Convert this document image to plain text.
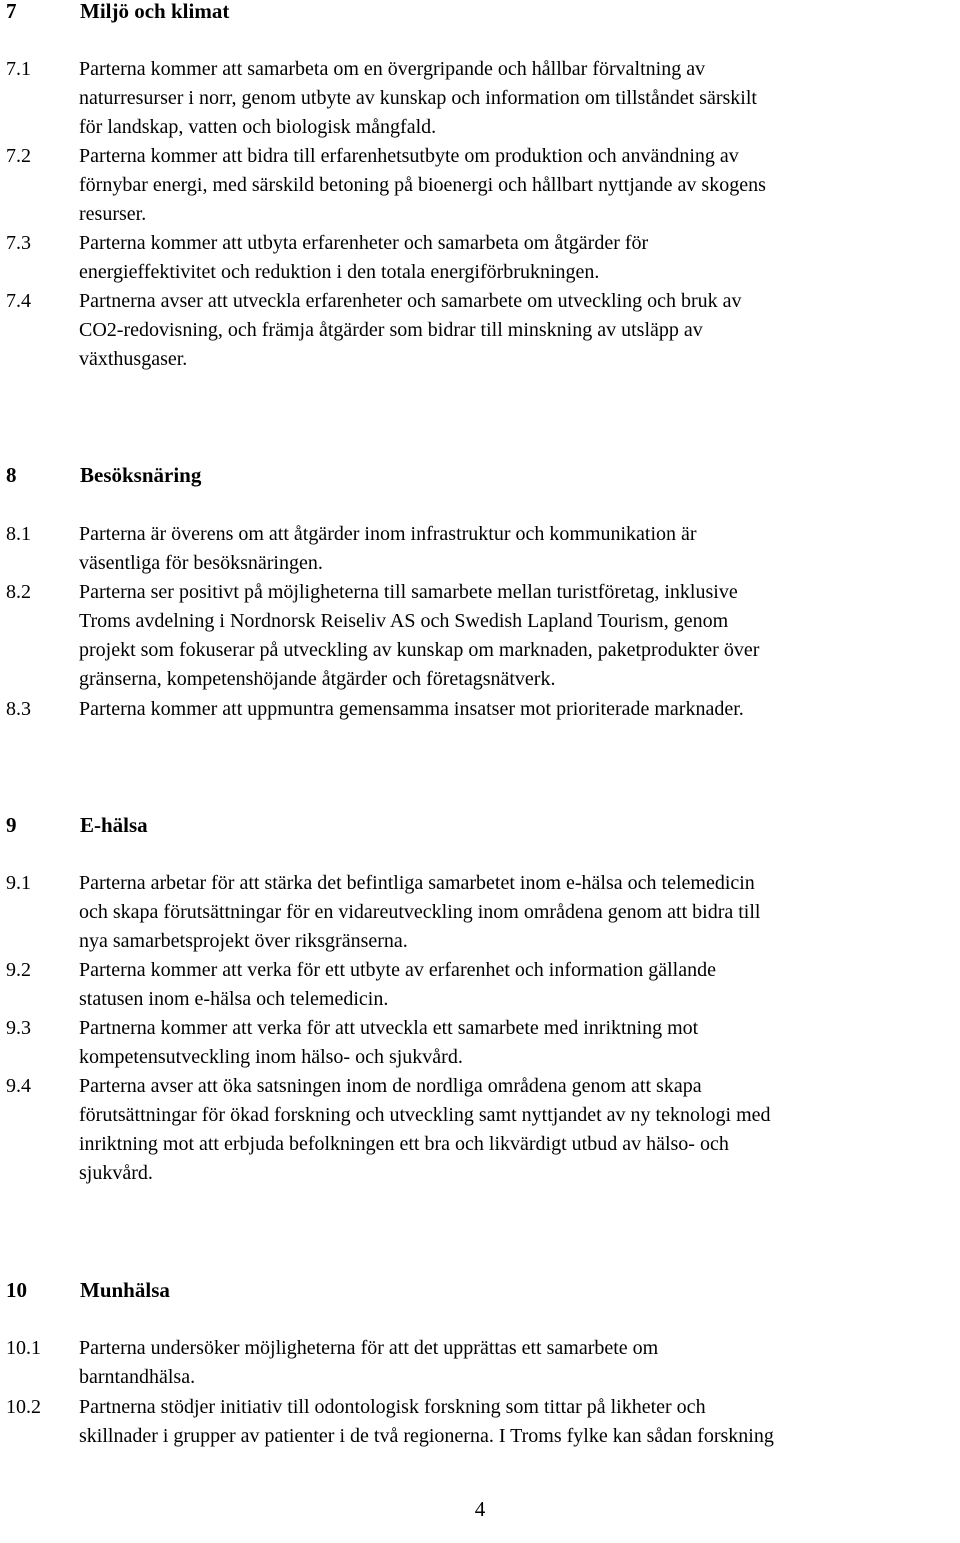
7	Miljö och klimat
7.1	Parterna kommer att samarbeta om en övergripande och hållbar förvaltning av
naturresurser i norr, genom utbyte av kunskap och information om tillståndet särskilt
för landskap, vatten och biologisk mångfald.
7.2	Parterna kommer att bidra till erfarenhetsutbyte om produktion och användning av
förnybar energi, med särskild betoning på bioenergi och hållbart nyttjande av skogens
resurser.
7.3	Parterna kommer att utbyta erfarenheter och samarbeta om åtgärder för
energieffektivitet och reduktion i den totala energiförbrukningen.
7.4	Partnerna avser att utveckla erfarenheter och samarbete om utveckling och bruk av
CO2-redovisning, och främja åtgärder som bidrar till minskning av utsläpp av
växthusgaser.
8	Besöksnäring
8.1	Parterna är överens om att åtgärder inom infrastruktur och kommunikation är
väsentliga för besöksnäringen.
8.2	Parterna ser positivt på möjligheterna till samarbete mellan turistföretag, inklusive
Troms avdelning i Nordnorsk Reiseliv AS och Swedish Lapland Tourism, genom
projekt som fokuserar på utveckling av kunskap om marknaden, paketprodukter över
gränserna, kompetenshöjande åtgärder och företagsnätverk.
8.3	Parterna kommer att uppmuntra gemensamma insatser mot prioriterade marknader.
9	E-hälsa
9.1	Parterna arbetar för att stärka det befintliga samarbetet inom e-hälsa och telemedicin
och skapa förutsättningar för en vidareutveckling inom områdena genom att bidra till
nya samarbetsprojekt över riksgränserna.
9.2	Parterna kommer att verka för ett utbyte av erfarenhet och information gällande
statusen inom e-hälsa och telemedicin.
9.3	Partnerna kommer att verka för att utveckla ett samarbete med inriktning mot
kompetensutveckling inom hälso- och sjukvård.
9.4	Parterna avser att öka satsningen inom de nordliga områdena genom att skapa
förutsättningar för ökad forskning och utveckling samt nyttjandet av ny teknologi med
inriktning mot att erbjuda befolkningen ett bra och likvärdigt utbud av hälso- och
sjukvård.
10	Munhälsa
10.1	Parterna undersöker möjligheterna för att det upprättas ett samarbete om
barntandhälsa.
10.2	Partnerna stödjer initiativ till odontologisk forskning som tittar på likheter och
skillnader i grupper av patienter i de två regionerna. I Troms fylke kan sådan forskning
4
